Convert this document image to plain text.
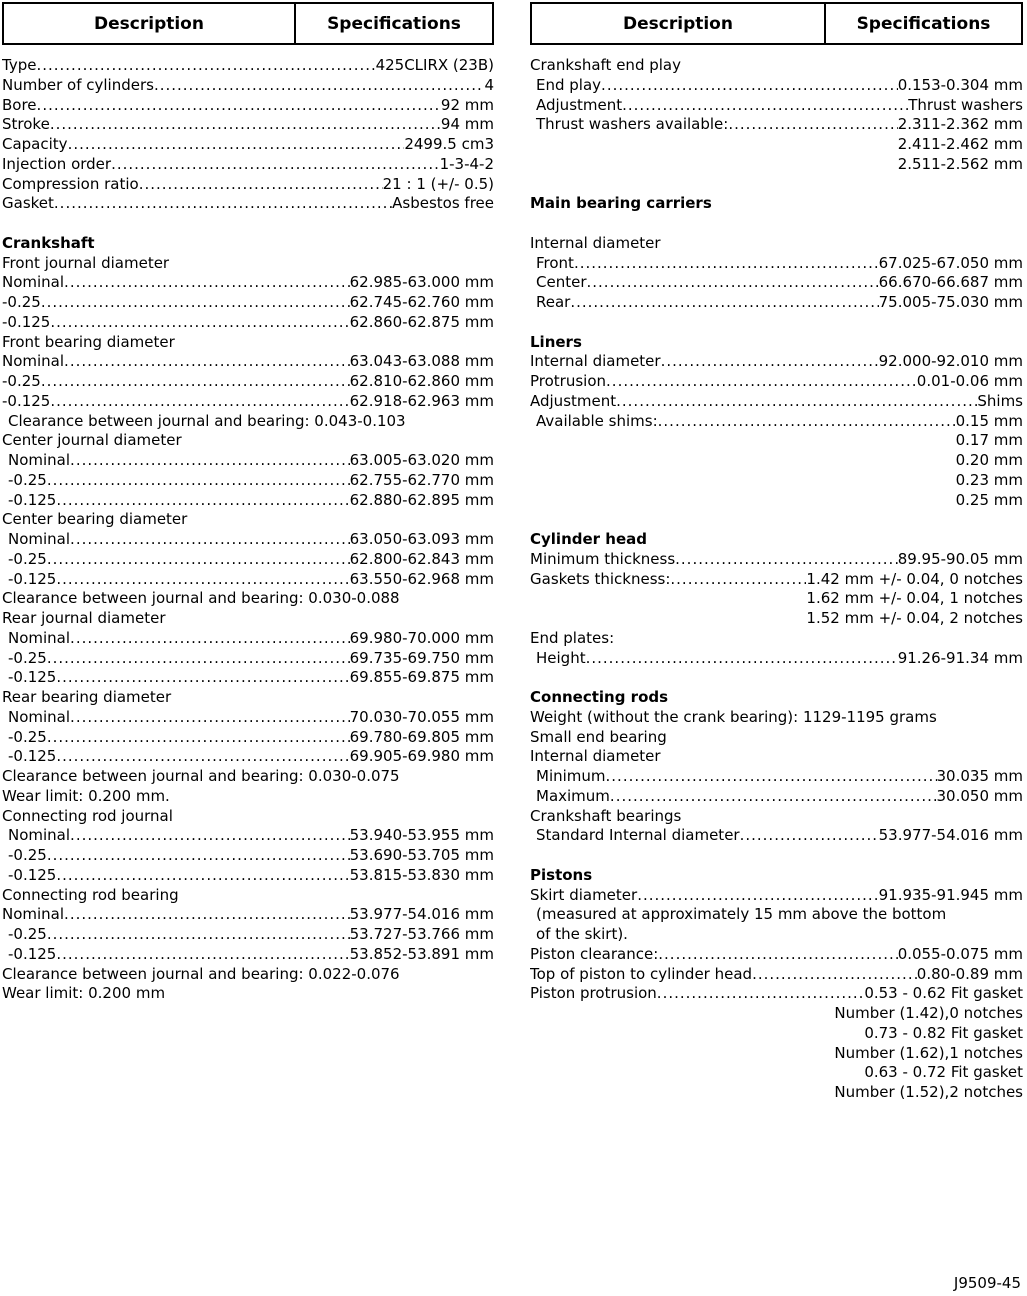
Description	Specifications
Type .....	425CLIRX (23B)
Number of cylinders .....	4
Bore .....	92 mm
Stroke .....	94 mm
Capacity .....	2499.5 cm3
Injection order .....	1-3-4-2
Compression ratio .....	21 : 1 (+/- 0.5)
Gasket .....	Asbestos free
Crankshaft
Front journal diameter
Nominal .....	62.985-63.000 mm
-0.25 .....	62.745-62.760 mm
-0.125 .....	62.860-62.875 mm
Front bearing diameter
Nominal .....	63.043-63.088 mm
-0.25 .....	62.810-62.860 mm
-0.125 .....	62.918-62.963 mm
Clearance between journal and bearing: 0.043-0.103
Center journal diameter
Nominal .....	63.005-63.020 mm
-0.25 .....	62.755-62.770 mm
-0.125 .....	62.880-62.895 mm
Center bearing diameter
Nominal .....	63.050-63.093 mm
-0.25 .....	62.800-62.843 mm
-0.125 .....	63.550-62.968 mm
Clearance between journal and bearing: 0.030-0.088
Rear journal diameter
Nominal .....	69.980-70.000 mm
-0.25 .....	69.735-69.750 mm
-0.125 .....	69.855-69.875 mm
Rear bearing diameter
Nominal .....	70.030-70.055 mm
-0.25 .....	69.780-69.805 mm
-0.125 .....	69.905-69.980 mm
Clearance between journal and bearing: 0.030-0.075
Wear limit: 0.200 mm.
Connecting rod journal
Nominal .....	53.940-53.955 mm
-0.25 .....	53.690-53.705 mm
-0.125 .....	53.815-53.830 mm
Connecting rod bearing
Nominal .....	53.977-54.016 mm
-0.25 .....	53.727-53.766 mm
-0.125 .....	53.852-53.891 mm
Clearance between journal and bearing: 0.022-0.076
Wear limit: 0.200 mm
Description	Specifications
Crankshaft end play
End play .....	0.153-0.304 mm
Adjustment .....	Thrust washers
Thrust washers available: .....	2.311-2.362 mm
2.411-2.462 mm
2.511-2.562 mm
Main bearing carriers
Internal diameter
Front .....	67.025-67.050 mm
Center .....	66.670-66.687 mm
Rear .....	75.005-75.030 mm
Liners
Internal diameter .....	92.000-92.010 mm
Protrusion .....	0.01-0.06 mm
Adjustment .....	Shims
Available shims: .....	0.15 mm
0.17 mm
0.20 mm
0.23 mm
0.25 mm
Cylinder head
Minimum thickness .....	89.95-90.05 mm
Gaskets thickness: .....	1.42 mm +/- 0.04, 0 notches
1.62 mm +/- 0.04, 1 notches
1.52 mm +/- 0.04, 2 notches
End plates:
Height .....	91.26-91.34 mm
Connecting rods
Weight (without the crank bearing): 1129-1195 grams
Small end bearing
Internal diameter
Minimum .....	30.035 mm
Maximum .....	30.050 mm
Crankshaft bearings
Standard Internal diameter .....	53.977-54.016 mm
Pistons
Skirt diameter .....	91.935-91.945 mm
(measured at approximately 15 mm above the bottom
of the skirt).
Piston clearance: .....	0.055-0.075 mm
Top of piston to cylinder head .....	0.80-0.89 mm
Piston protrusion .....	0.53 - 0.62 Fit gasket
Number (1.42),0 notches
0.73 - 0.82 Fit gasket
Number (1.62),1 notches
0.63 - 0.72 Fit gasket
Number (1.52),2 notches
J9509-45
